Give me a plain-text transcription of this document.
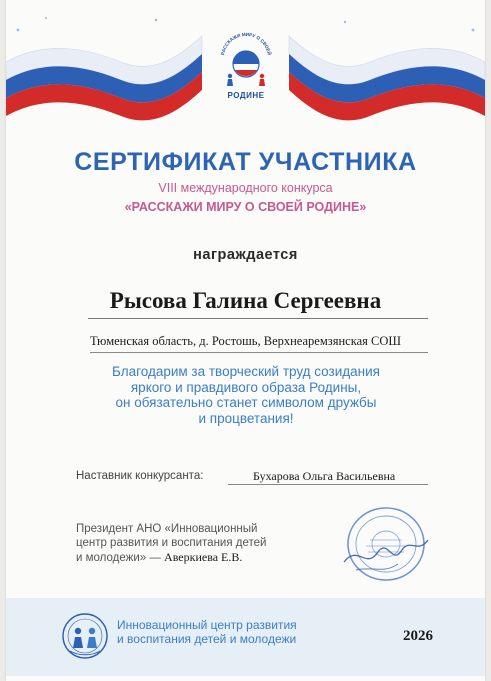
РАССКАЖИ МИРУ О СВОЕЙ
РОДИНЕ
СЕРТИФИКАТ УЧАСТНИКА
VIII международного конкурса
«РАССКАЖИ МИРУ О СВОЕЙ РОДИНЕ»
награждается
Рысова Галина Сергеевна
Тюменская область, д. Ростошь, Верхнеаремзянская СОШ
Благодарим за творческий труд созидания
яркого и правдивого образа Родины,
он обязательно станет символом дружбы
и процветания!
Наставник конкурсанта:	Бухарова Ольга Васильевна
Президент АНО «Инновационный
центр развития и воспитания детей
и молодежи» — Аверкиева Е.В.
Инновационный центр развития
и воспитания детей и молодежи	2026
